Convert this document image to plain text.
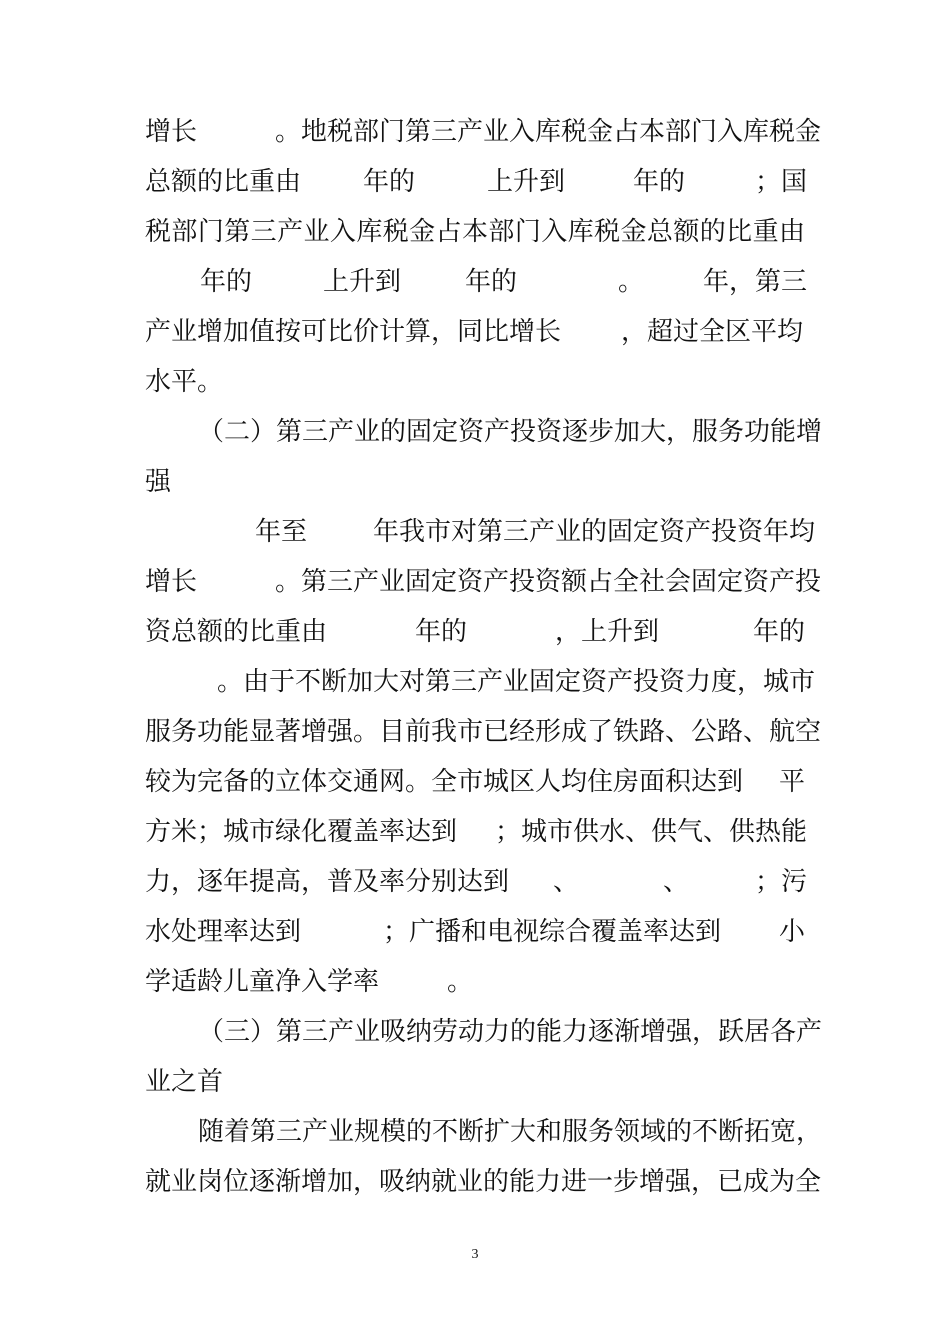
增长	。地税部门第三产业入库税金占本部门入库税金
总额的比重由 年的	上升到	年的	；国
税部门第三产业入库税金占本部门入库税金总额的比重由
年的	上升到 年的	。 年，第三
产业增加值按可比价计算，同比增长 ，超过全区平均
水平。
（二）第三产业的固定资产投资逐步加大，服务功能增
强
年至	年我市对第三产业的固定资产投资年均
增长	。第三产业固定资产投资额占全社会固定资产投
资总额的比重由	年的	，上升到	年的
。由于不断加大对第三产业固定资产投资力度，城市
服务功能显著增强。目前我市已经形成了铁路、公路、航空
较为完备的立体交通网。全市城区人均住房面积达到 平
方米；城市绿化覆盖率达到 ；城市供水、供气、供热能
力，逐年提高，普及率分别达到 、	、	；污
水处理率达到	；广播和电视综合覆盖率达到 小
学适龄儿童净入学率	。
（三）第三产业吸纳劳动力的能力逐渐增强，跃居各产
业之首
随着第三产业规模的不断扩大和服务领域的不断拓宽，
就业岗位逐渐增加，吸纳就业的能力进一步增强，已成为全
3
